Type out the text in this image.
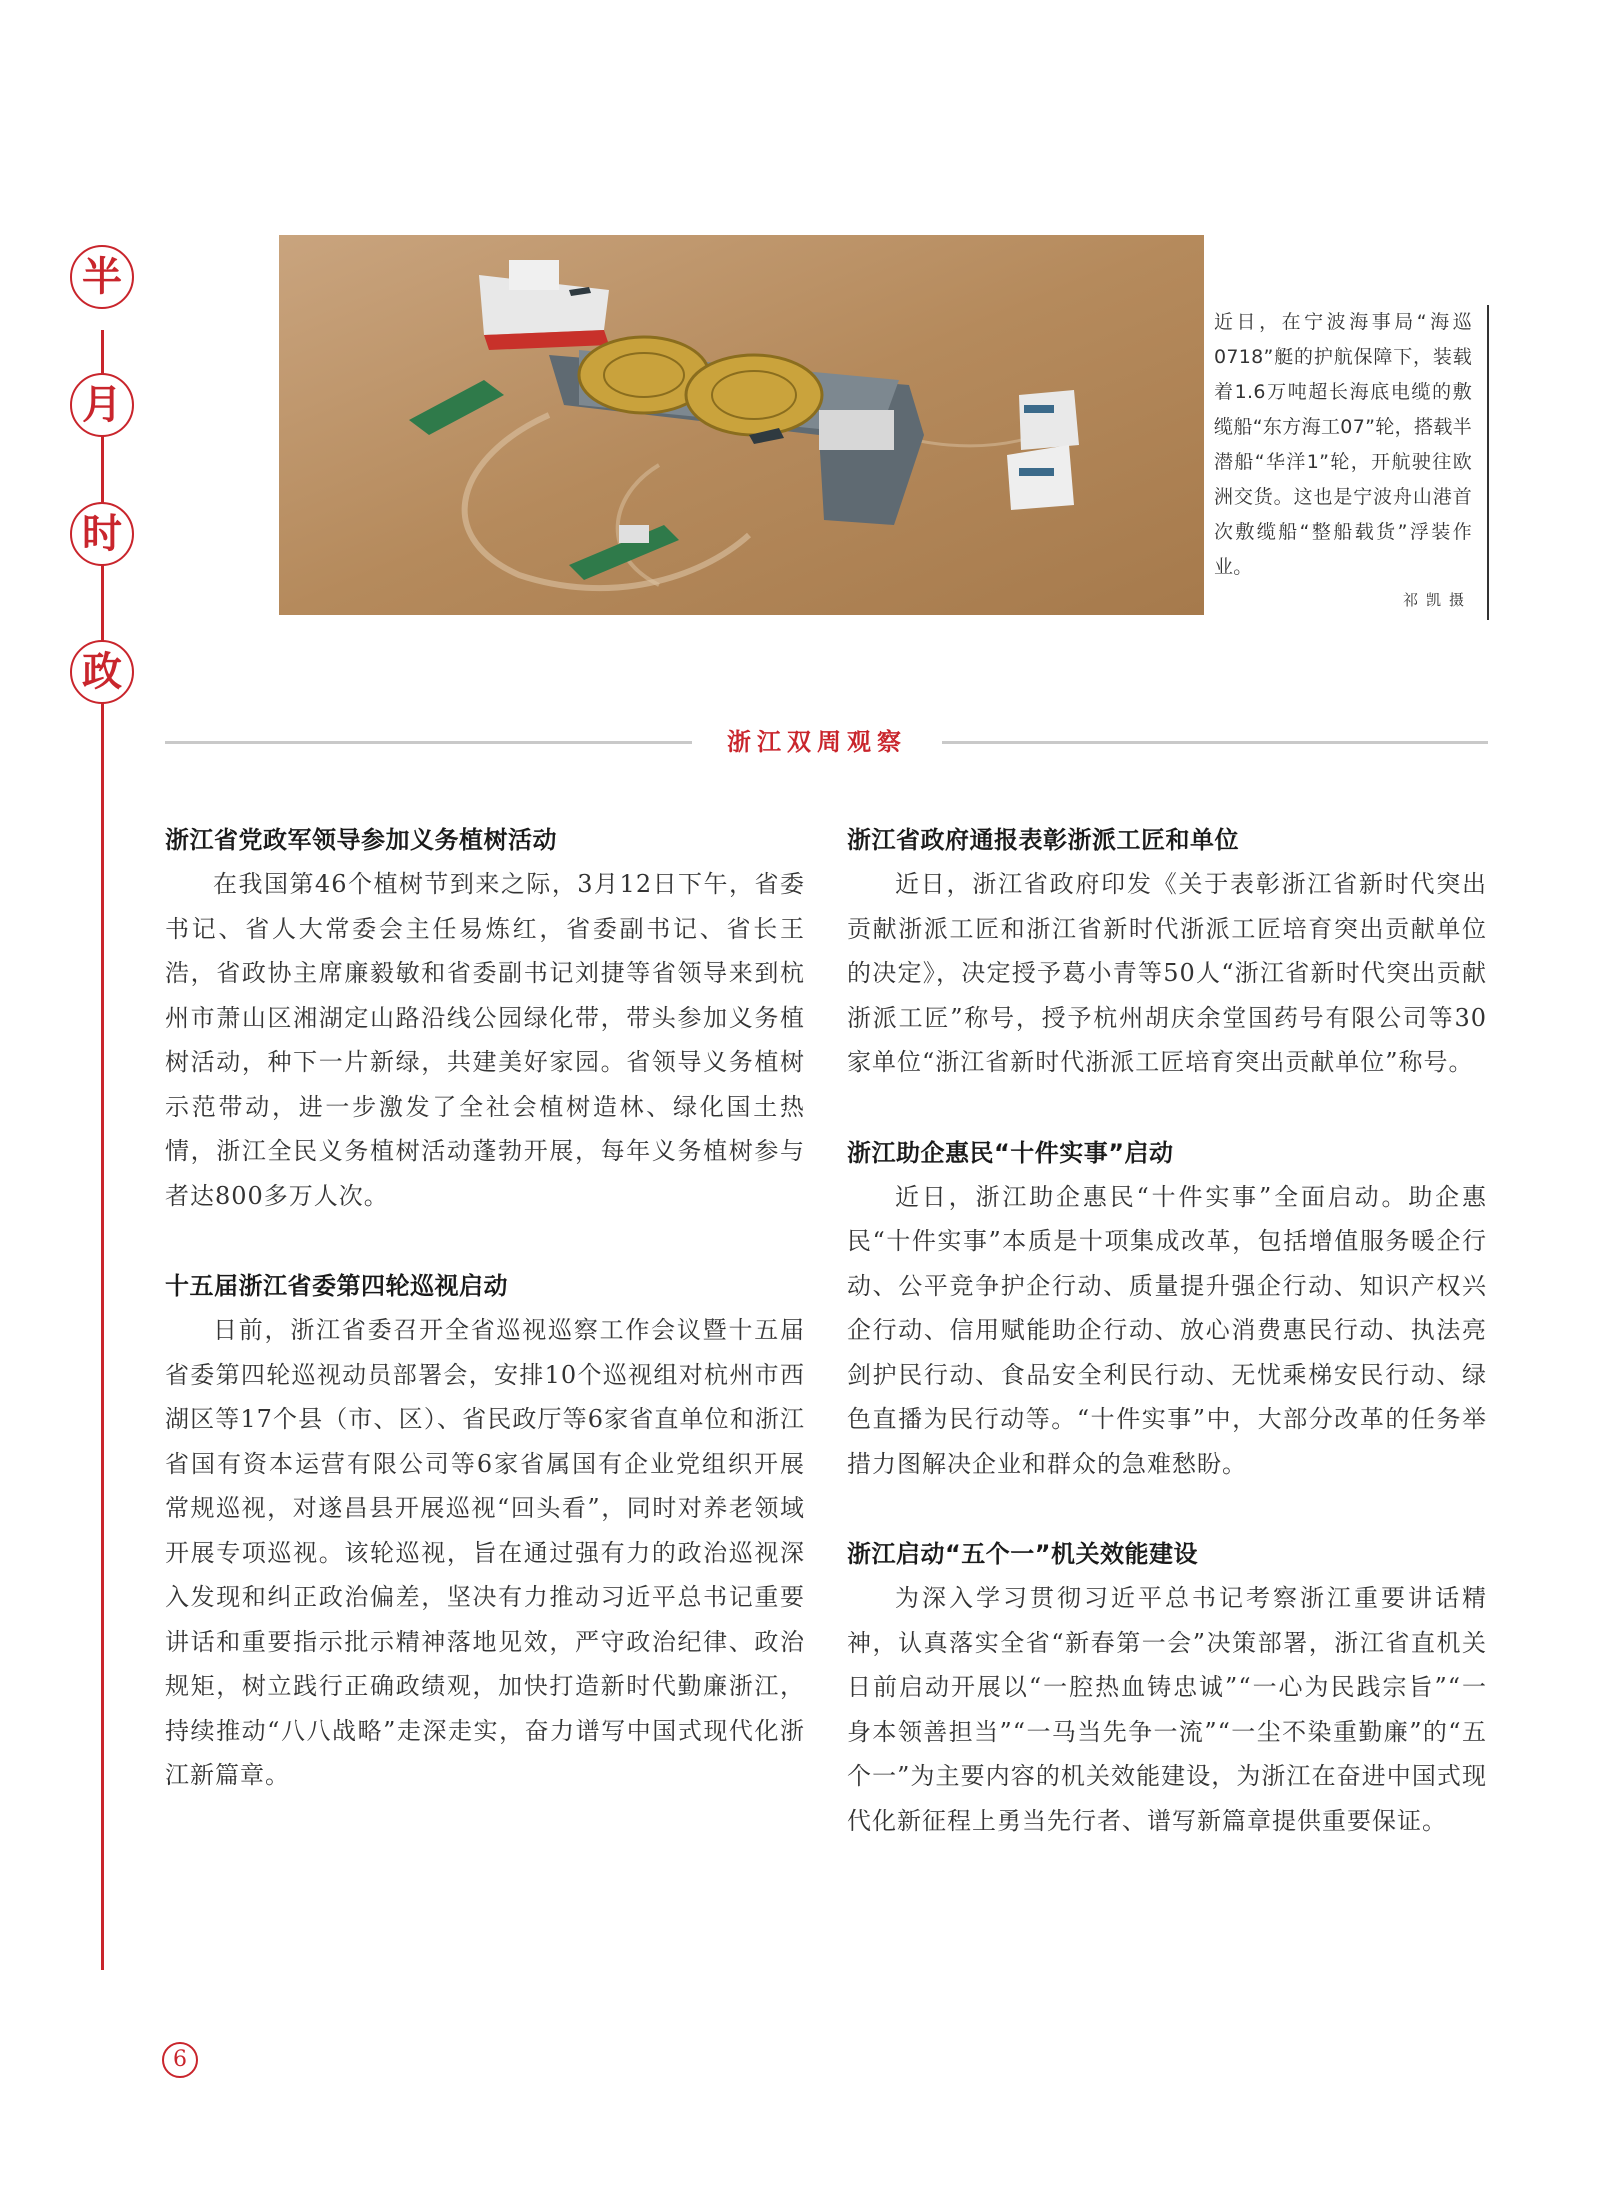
半
月
时
政
近日，在宁波海事局“海巡0718”艇的护航保障下，装载着1.6万吨超长海底电缆的敷缆船“东方海工07”轮，搭载半潜船“华洋1”轮，开航驶往欧洲交货。这也是宁波舟山港首次敷缆船“整船载货”浮装作业。
祁凯摄
浙江双周观察
浙江省党政军领导参加义务植树活动

在我国第46个植树节到来之际，3月12日下午，省委书记、省人大常委会主任易炼红，省委副书记、省长王浩，省政协主席廉毅敏和省委副书记刘捷等省领导来到杭州市萧山区湘湖定山路沿线公园绿化带，带头参加义务植树活动，种下一片新绿，共建美好家园。省领导义务植树示范带动，进一步激发了全社会植树造林、绿化国土热情，浙江全民义务植树活动蓬勃开展，每年义务植树参与者达800多万人次。

十五届浙江省委第四轮巡视启动

日前，浙江省委召开全省巡视巡察工作会议暨十五届省委第四轮巡视动员部署会，安排10个巡视组对杭州市西湖区等17个县（市、区）、省民政厅等6家省直单位和浙江省国有资本运营有限公司等6家省属国有企业党组织开展常规巡视，对遂昌县开展巡视“回头看”，同时对养老领域开展专项巡视。该轮巡视，旨在通过强有力的政治巡视深入发现和纠正政治偏差，坚决有力推动习近平总书记重要讲话和重要指示批示精神落地见效，严守政治纪律、政治规矩，树立践行正确政绩观，加快打造新时代勤廉浙江，持续推动“八八战略”走深走实，奋力谱写中国式现代化浙江新篇章。

浙江省政府通报表彰浙派工匠和单位

近日，浙江省政府印发《关于表彰浙江省新时代突出贡献浙派工匠和浙江省新时代浙派工匠培育突出贡献单位的决定》，决定授予葛小青等50人“浙江省新时代突出贡献浙派工匠”称号，授予杭州胡庆余堂国药号有限公司等30家单位“浙江省新时代浙派工匠培育突出贡献单位”称号。

浙江助企惠民“十件实事”启动

近日，浙江助企惠民“十件实事”全面启动。助企惠民“十件实事”本质是十项集成改革，包括增值服务暖企行动、公平竞争护企行动、质量提升强企行动、知识产权兴企行动、信用赋能助企行动、放心消费惠民行动、执法亮剑护民行动、食品安全利民行动、无忧乘梯安民行动、绿色直播为民行动等。“十件实事”中，大部分改革的任务举措力图解决企业和群众的急难愁盼。

浙江启动“五个一”机关效能建设

为深入学习贯彻习近平总书记考察浙江重要讲话精神，认真落实全省“新春第一会”决策部署，浙江省直机关日前启动开展以“一腔热血铸忠诚”“一心为民践宗旨”“一身本领善担当”“一马当先争一流”“一尘不染重勤廉”的“五个一”为主要内容的机关效能建设，为浙江在奋进中国式现代化新征程上勇当先行者、谱写新篇章提供重要保证。

6
